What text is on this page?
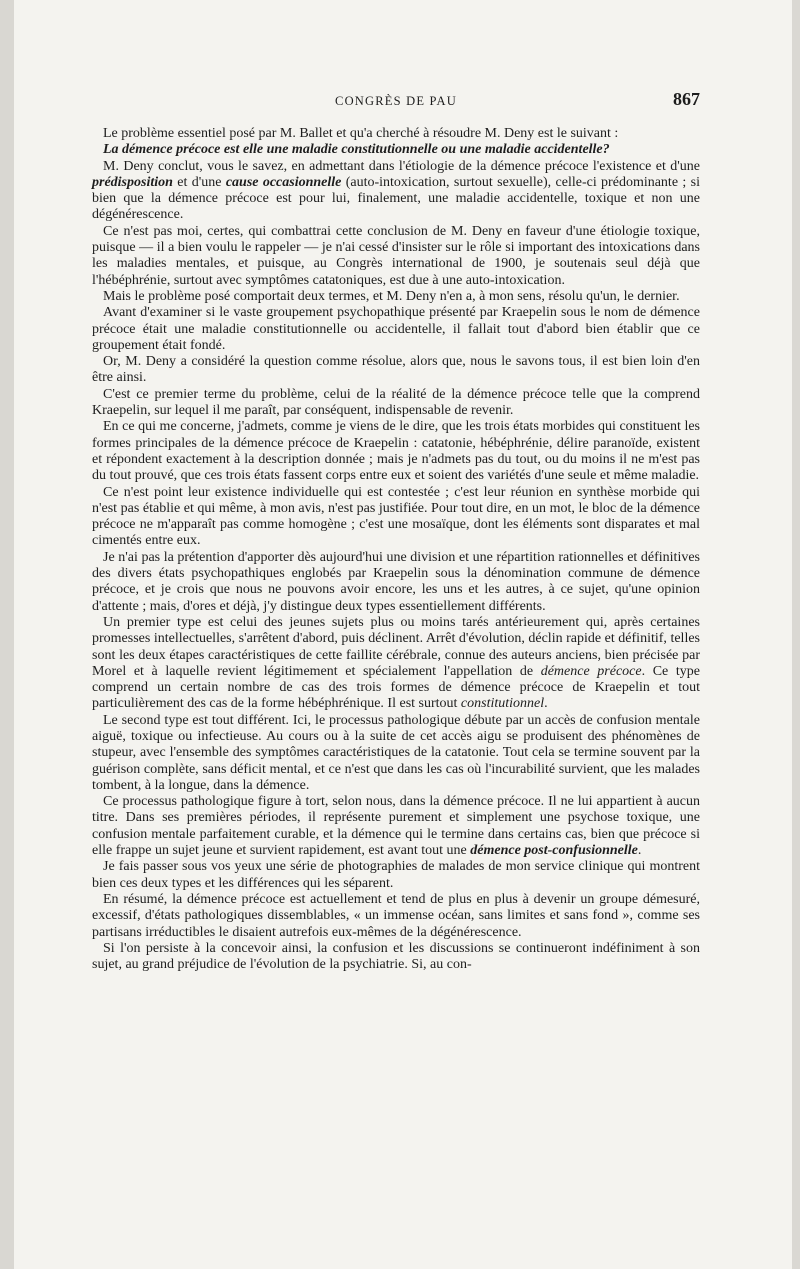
CONGRÈS DE PAU	867

Le problème essentiel posé par M. Ballet et qu'a cherché à résoudre M. Deny est le suivant :

La démence précoce est elle une maladie constitutionnelle ou une maladie accidentelle?

M. Deny conclut, vous le savez, en admettant dans l'étiologie de la démence précoce l'existence et d'une prédisposition et d'une cause occasionnelle (auto-intoxication, surtout sexuelle), celle-ci prédominante ; si bien que la démence précoce est pour lui, finalement, une maladie accidentelle, toxique et non une dégénérescence.

Ce n'est pas moi, certes, qui combattrai cette conclusion de M. Deny en faveur d'une étiologie toxique, puisque — il a bien voulu le rappeler — je n'ai cessé d'insister sur le rôle si important des intoxications dans les maladies mentales, et puisque, au Congrès international de 1900, je soutenais seul déjà que l'hébéphrénie, surtout avec symptômes catatoniques, est due à une auto-intoxication.

Mais le problème posé comportait deux termes, et M. Deny n'en a, à mon sens, résolu qu'un, le dernier.

Avant d'examiner si le vaste groupement psychopathique présenté par Kraepelin sous le nom de démence précoce était une maladie constitutionnelle ou accidentelle, il fallait tout d'abord bien établir que ce groupement était fondé.

Or, M. Deny a considéré la question comme résolue, alors que, nous le savons tous, il est bien loin d'en être ainsi.

C'est ce premier terme du problème, celui de la réalité de la démence précoce telle que la comprend Kraepelin, sur lequel il me paraît, par conséquent, indispensable de revenir.

En ce qui me concerne, j'admets, comme je viens de le dire, que les trois états morbides qui constituent les formes principales de la démence précoce de Kraepelin : catatonie, hébéphrénie, délire paranoïde, existent et répondent exactement à la description donnée ; mais je n'admets pas du tout, ou du moins il ne m'est pas du tout prouvé, que ces trois états fassent corps entre eux et soient des variétés d'une seule et même maladie.

Ce n'est point leur existence individuelle qui est contestée ; c'est leur réunion en synthèse morbide qui n'est pas établie et qui même, à mon avis, n'est pas justifiée. Pour tout dire, en un mot, le bloc de la démence précoce ne m'apparaît pas comme homogène ; c'est une mosaïque, dont les éléments sont disparates et mal cimentés entre eux.

Je n'ai pas la prétention d'apporter dès aujourd'hui une division et une répartition rationnelles et définitives des divers états psychopathiques englobés par Kraepelin sous la dénomination commune de démence précoce, et je crois que nous ne pouvons avoir encore, les uns et les autres, à ce sujet, qu'une opinion d'attente ; mais, d'ores et déjà, j'y distingue deux types essentiellement différents.

Un premier type est celui des jeunes sujets plus ou moins tarés antérieurement qui, après certaines promesses intellectuelles, s'arrêtent d'abord, puis déclinent. Arrêt d'évolution, déclin rapide et définitif, telles sont les deux étapes caractéristiques de cette faillite cérébrale, connue des auteurs anciens, bien précisée par Morel et à laquelle revient légitimement et spécialement l'appellation de démence précoce. Ce type comprend un certain nombre de cas des trois formes de démence précoce de Kraepelin et tout particulièrement des cas de la forme hébéphrénique. Il est surtout constitutionnel.

Le second type est tout différent. Ici, le processus pathologique débute par un accès de confusion mentale aiguë, toxique ou infectieuse. Au cours ou à la suite de cet accès aigu se produisent des phénomènes de stupeur, avec l'ensemble des symptômes caractéristiques de la catatonie. Tout cela se termine souvent par la guérison complète, sans déficit mental, et ce n'est que dans les cas où l'incurabilité survient, que les malades tombent, à la longue, dans la démence.

Ce processus pathologique figure à tort, selon nous, dans la démence précoce. Il ne lui appartient à aucun titre. Dans ses premières périodes, il représente purement et simplement une psychose toxique, une confusion mentale parfaitement curable, et la démence qui le termine dans certains cas, bien que précoce si elle frappe un sujet jeune et survient rapidement, est avant tout une démence post-confusionnelle.

Je fais passer sous vos yeux une série de photographies de malades de mon service clinique qui montrent bien ces deux types et les différences qui les séparent.

En résumé, la démence précoce est actuellement et tend de plus en plus à devenir un groupe démesuré, excessif, d'états pathologiques dissemblables, « un immense océan, sans limites et sans fond », comme ses partisans irréductibles le disaient autrefois eux-mêmes de la dégénérescence.

Si l'on persiste à la concevoir ainsi, la confusion et les discussions se continueront indéfiniment à son sujet, au grand préjudice de l'évolution de la psychiatrie. Si, au con-
